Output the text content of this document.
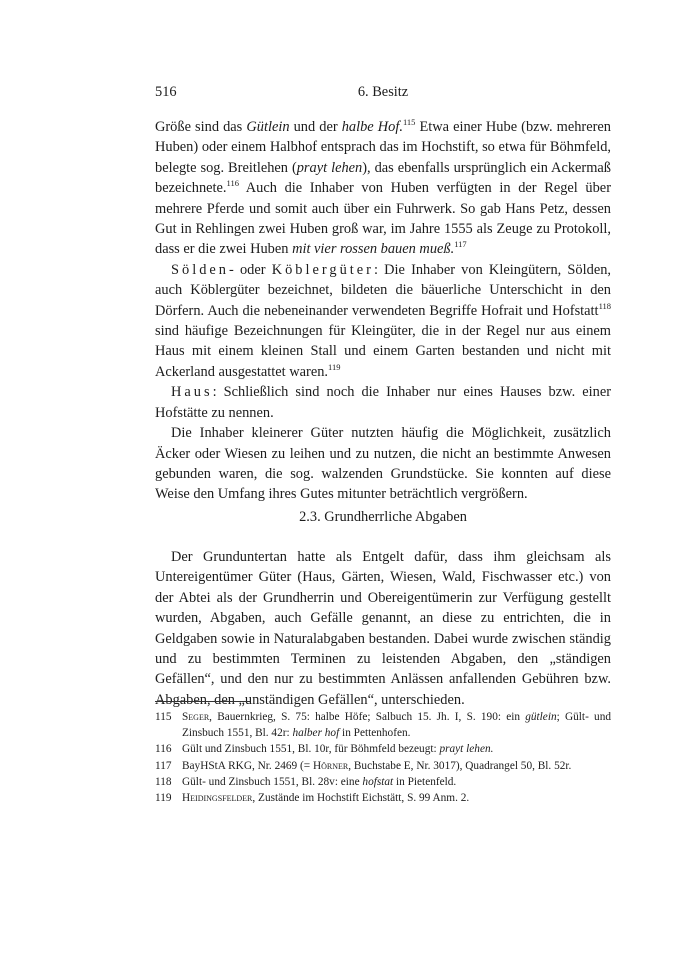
516	6. Besitz

Größe sind das Gütlein und der halbe Hof.$^{115}$ Etwa einer Hube (bzw. mehreren Huben) oder einem Halbhof entsprach das im Hochstift, so etwa für Böhmfeld, belegte sog. Breitlehen (prayt lehen), das ebenfalls ursprünglich ein Ackermaß bezeichnete.$^{116}$ Auch die Inhaber von Huben verfügten in der Regel über mehrere Pferde und somit auch über ein Fuhrwerk. So gab Hans Petz, dessen Gut in Rehlingen zwei Huben groß war, im Jahre 1555 als Zeuge zu Protokoll, dass er die zwei Huben mit vier rossen bauen mueß.$^{117}$

Sölden- oder Köblergüter: Die Inhaber von Kleingütern, Sölden, auch Köblergüter bezeichnet, bildeten die bäuerliche Unterschicht in den Dörfern. Auch die nebeneinander verwendeten Begriffe Hofrait und Hofstatt$^{118}$ sind häufige Bezeichnungen für Kleingüter, die in der Regel nur aus einem Haus mit einem kleinen Stall und einem Garten bestanden und nicht mit Ackerland ausgestattet waren.$^{119}$

Haus: Schließlich sind noch die Inhaber nur eines Hauses bzw. einer Hofstätte zu nennen.

Die Inhaber kleinerer Güter nutzten häufig die Möglichkeit, zusätzlich Äcker oder Wiesen zu leihen und zu nutzen, die nicht an bestimmte Anwesen gebunden waren, die sog. walzenden Grundstücke. Sie konnten auf diese Weise den Umfang ihres Gutes mitunter beträchtlich vergrößern.

2.3. Grundherrliche Abgaben

Der Grunduntertan hatte als Entgelt dafür, dass ihm gleichsam als Untereigentümer Güter (Haus, Gärten, Wiesen, Wald, Fischwasser etc.) von der Abtei als der Grundherrin und Obereigentümerin zur Verfügung gestellt wurden, Abgaben, auch Gefälle genannt, an diese zu entrichten, die in Geldgaben sowie in Naturalabgaben bestanden. Dabei wurde zwischen ständig und zu bestimmten Terminen zu leistenden Abgaben, den „ständigen Gefällen“, und den nur zu bestimmten Anlässen anfallenden Gebühren bzw. Abgaben, den „unständigen Gefällen“, unterschieden.

115 Seger, Bauernkrieg, S. 75: halbe Höfe; Salbuch 15. Jh. I, S. 190: ein gütlein; Gült- und Zinsbuch 1551, Bl. 42r: halber hof in Pettenhofen.
116 Gült und Zinsbuch 1551, Bl. 10r, für Böhmfeld bezeugt: prayt lehen.
117 BayHStA RKG, Nr. 2469 (= Hörner, Buchstabe E, Nr. 3017), Quadrangel 50, Bl. 52r.
118 Gült- und Zinsbuch 1551, Bl. 28v: eine hofstat in Pietenfeld.
119 Heidingsfelder, Zustände im Hochstift Eichstätt, S. 99 Anm. 2.
